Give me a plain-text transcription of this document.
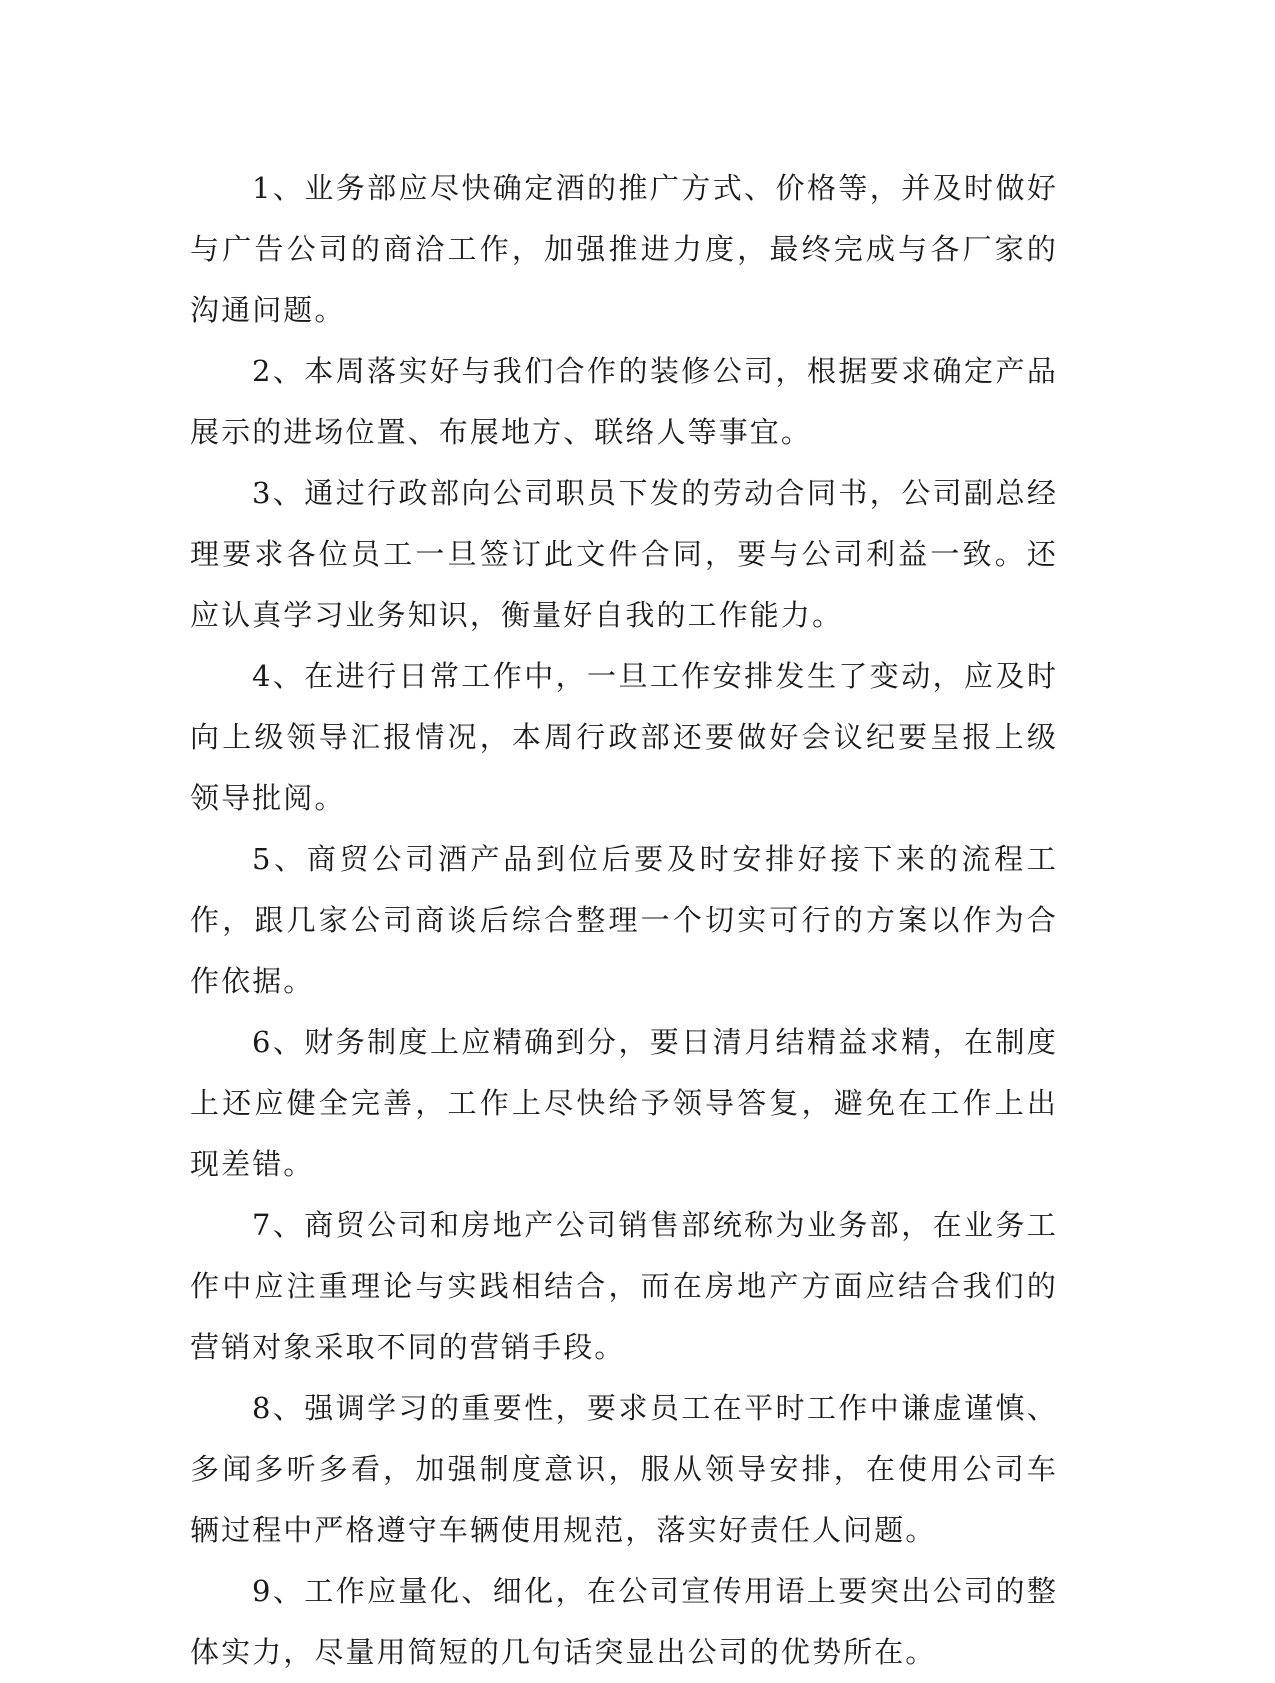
1、业务部应尽快确定酒的推广方式、价格等，并及时做好与广告公司的商洽工作，加强推进力度，最终完成与各厂家的沟通问题。

2、本周落实好与我们合作的装修公司，根据要求确定产品展示的进场位置、布展地方、联络人等事宜。

3、通过行政部向公司职员下发的劳动合同书，公司副总经理要求各位员工一旦签订此文件合同，要与公司利益一致。还应认真学习业务知识，衡量好自我的工作能力。

4、在进行日常工作中，一旦工作安排发生了变动，应及时向上级领导汇报情况，本周行政部还要做好会议纪要呈报上级领导批阅。

5、商贸公司酒产品到位后要及时安排好接下来的流程工作，跟几家公司商谈后综合整理一个切实可行的方案以作为合作依据。

6、财务制度上应精确到分，要日清月结精益求精，在制度上还应健全完善，工作上尽快给予领导答复，避免在工作上出现差错。

7、商贸公司和房地产公司销售部统称为业务部，在业务工作中应注重理论与实践相结合，而在房地产方面应结合我们的营销对象采取不同的营销手段。

8、强调学习的重要性，要求员工在平时工作中谦虚谨慎、多闻多听多看，加强制度意识，服从领导安排，在使用公司车辆过程中严格遵守车辆使用规范，落实好责任人问题。

9、工作应量化、细化，在公司宣传用语上要突出公司的整体实力，尽量用简短的几句话突显出公司的优势所在。
